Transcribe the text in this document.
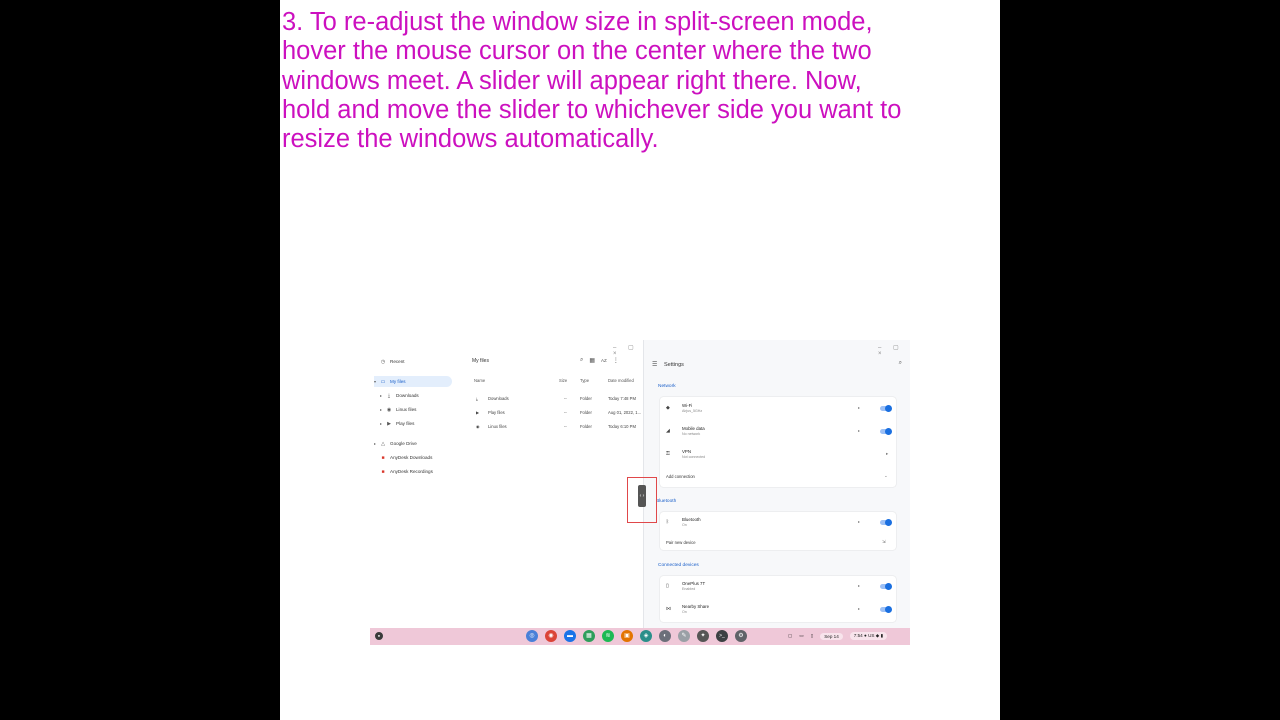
3. To re-adjust the window size in split-screen mode,
hover the mouse cursor on the center where the two
windows meet. A slider will appear right there. Now,
hold and move the slider to whichever side you want to
resize the windows automatically.
– ▢ ×
◷ Recent
▾ ▭ My files
▸	⤓	Downloads
▸ ◉ Linux files
▸	▶ Play files
▸	△ Google Drive
■	AnyDesk Downloads
■	AnyDesk Recordings
My files	⌕ ▦ AZ ⋮
Name	Size	Type	Date modified
⤓ Downloads	--	Folder	Today 7:48 PM
▶ Play files	--	Folder	Aug 01, 2022, 1...
◉ Linux files	--	Folder	Today 6:10 PM
– ▢ ×
☰ Settings	⌕
Network
◆	Wi-Fi
Airjus_5GHz
▸
◢	Mobile data
No network
▸
⚿	VPN
Not connected
▸
Add connection	⌄
Bluetooth
ᛒ	Bluetooth
On
▸
Pair new device	⇲
Connected devices
▯	OnePlus 7T
Enabled
▸
⋈	Nearby Share
On
▸
‹ ›
●	◎	◉	▬	▦	≋	▣	◈	◐	✎	✦	>_	⚙	▢ ▭ ▯	Sep 14	7:54 ● US ◆ ▮
